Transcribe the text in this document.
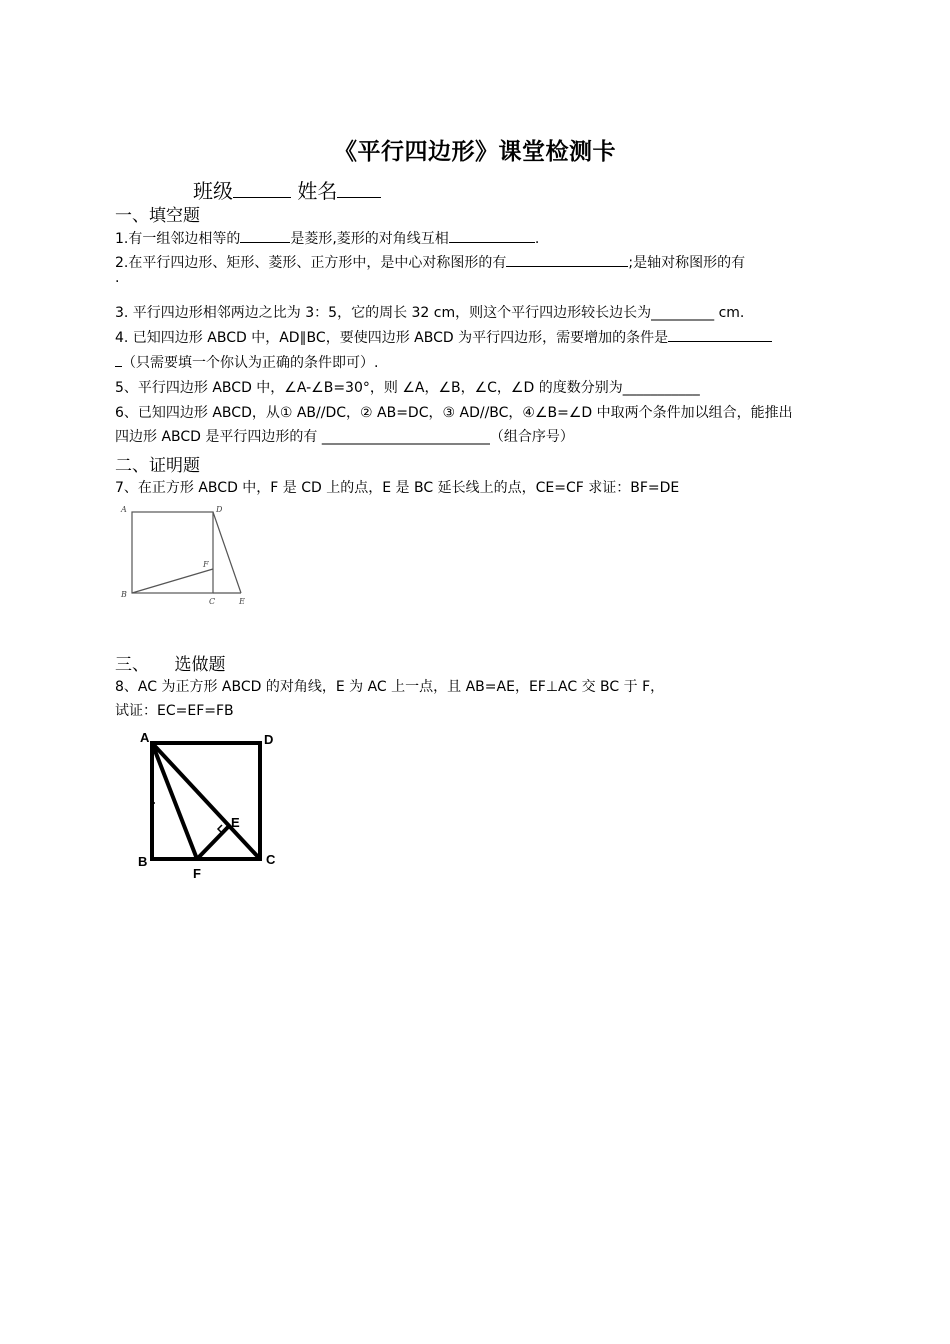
《平行四边形》课堂检测卡
班级	姓名
一、填空题
1.有一组邻边相等的	是菱形,菱形的对角线互相	.
2.在平行四边形、矩形、菱形、正方形中，是中心对称图形的有	;是轴对称图形的有
.
3. 平行四边形相邻两边之比为 3：5，它的周长 32 cm，则这个平行四边形较长边长为_________ cm.
4. 已知四边形 ABCD 中，AD∥BC，要使四边形 ABCD 为平行四边形，需要增加的条件是
（只需要填一个你认为正确的条件即可）.
5、平行四边形 ABCD 中，∠A-∠B=30°，则 ∠A，∠B，∠C，∠D 的度数分别为___________
6、已知四边形 ABCD，从① AB//DC，② AB=DC，③ AD//BC，④∠B=∠D 中取两个条件加以组合，能推出
四边形 ABCD 是平行四边形的有 ________________________（组合序号）
二、证明题
7、在正方形 ABCD 中，F 是 CD 上的点，E 是 BC 延长线上的点，CE=CF 求证：BF=DE
A	D
F
B
C	E
三、　　选做题
8、AC 为正方形 ABCD 的对角线，E 为 AC 上一点，且 AB=AE，EF⊥AC 交 BC 于 F，
试证：EC=EF=FB
A	D
E
B	C
F
